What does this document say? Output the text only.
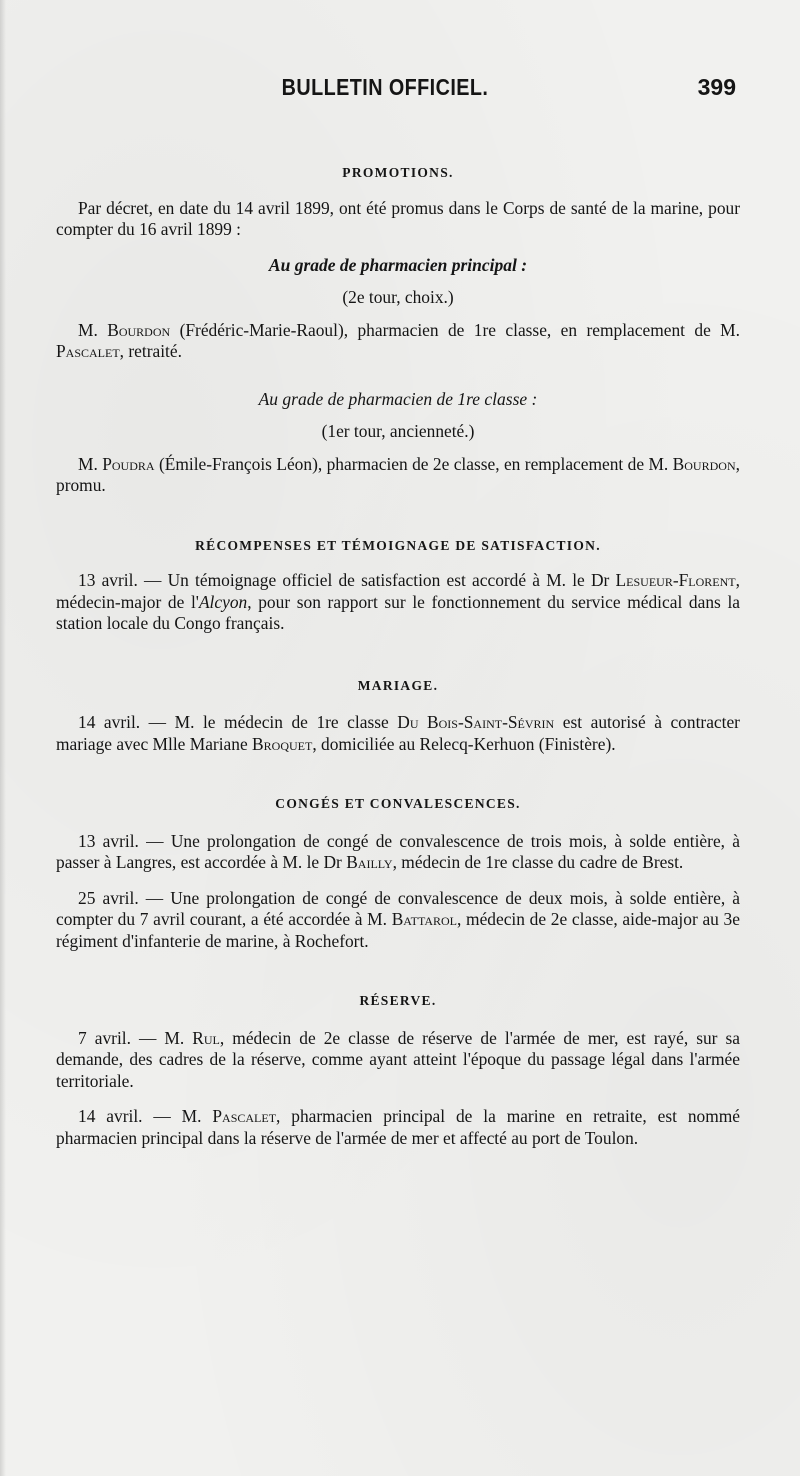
BULLETIN OFFICIEL.	399

PROMOTIONS.

Par décret, en date du 14 avril 1899, ont été promus dans le Corps de santé de la marine, pour compter du 16 avril 1899 :

Au grade de pharmacien principal :

(2e tour, choix.)

M. Bourdon (Frédéric-Marie-Raoul), pharmacien de 1re classe, en remplacement de M. Pascalet, retraité.

Au grade de pharmacien de 1re classe :

(1er tour, ancienneté.)

M. Poudra (Émile-François Léon), pharmacien de 2e classe, en remplacement de M. Bourdon, promu.

RÉCOMPENSES ET TÉMOIGNAGE DE SATISFACTION.

13 avril. — Un témoignage officiel de satisfaction est accordé à M. le Dr Lesueur-Florent, médecin-major de l'Alcyon, pour son rapport sur le fonctionnement du service médical dans la station locale du Congo français.

MARIAGE.

14 avril. — M. le médecin de 1re classe Du Bois-Saint-Sévrin est autorisé à contracter mariage avec Mlle Mariane Broquet, domiciliée au Relecq-Kerhuon (Finistère).

CONGÉS ET CONVALESCENCES.

13 avril. — Une prolongation de congé de convalescence de trois mois, à solde entière, à passer à Langres, est accordée à M. le Dr Bailly, médecin de 1re classe du cadre de Brest.

25 avril. — Une prolongation de congé de convalescence de deux mois, à solde entière, à compter du 7 avril courant, a été accordée à M. Battarol, médecin de 2e classe, aide-major au 3e régiment d'infanterie de marine, à Rochefort.

RÉSERVE.

7 avril. — M. Rul, médecin de 2e classe de réserve de l'armée de mer, est rayé, sur sa demande, des cadres de la réserve, comme ayant atteint l'époque du passage légal dans l'armée territoriale.

14 avril. — M. Pascalet, pharmacien principal de la marine en retraite, est nommé pharmacien principal dans la réserve de l'armée de mer et affecté au port de Toulon.
